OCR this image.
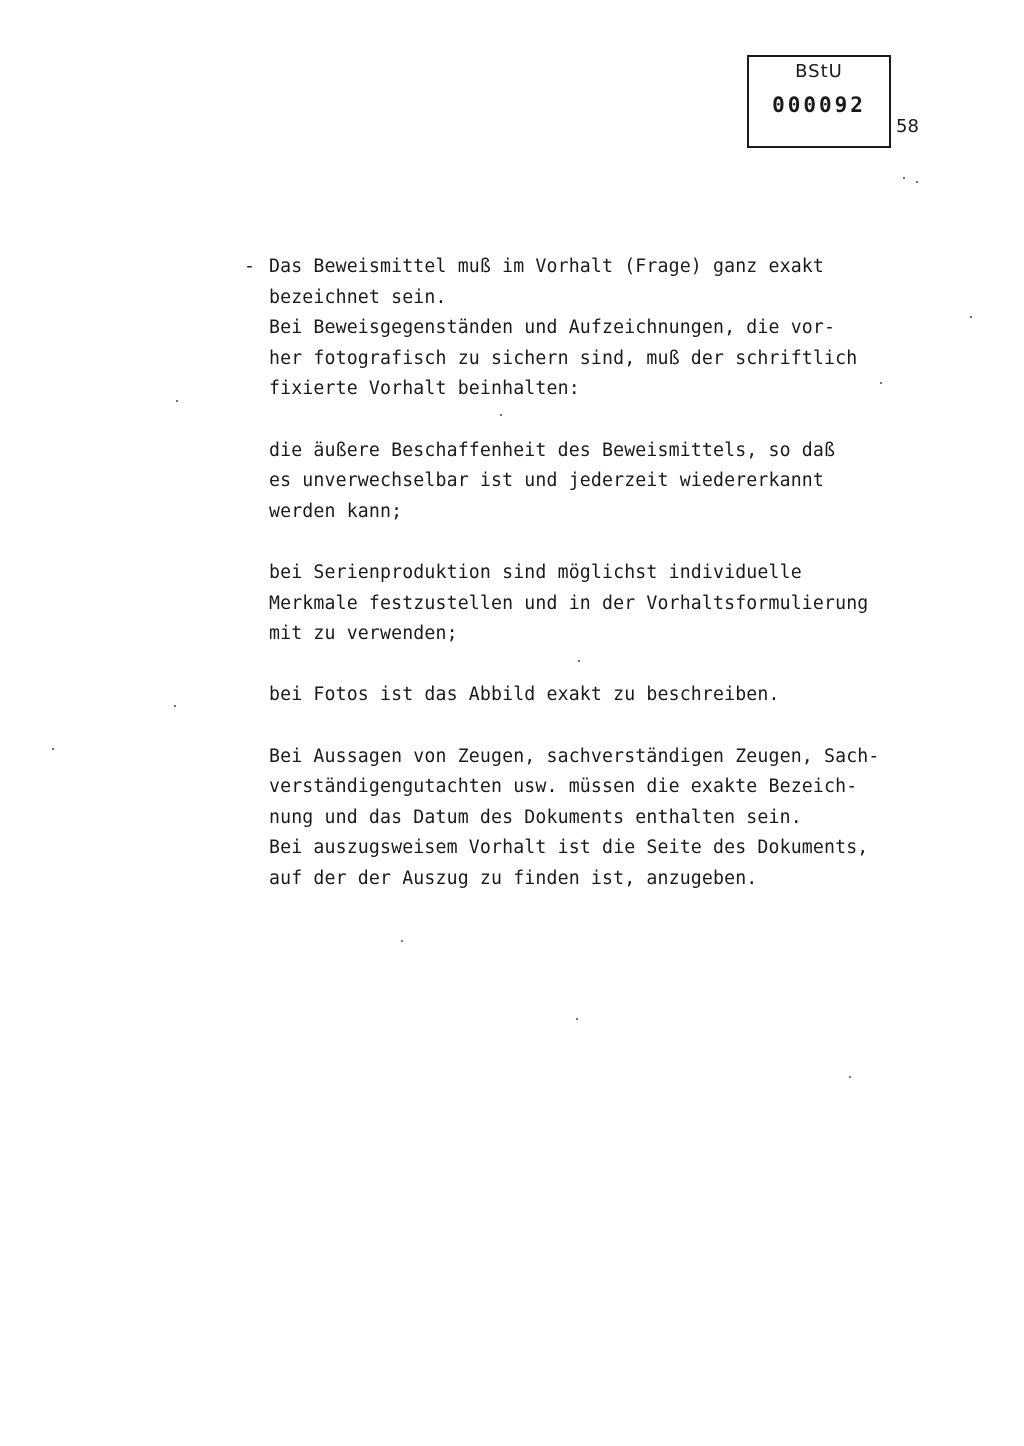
BStU
000092
58
- Das Beweismittel muß im Vorhalt (Frage) ganz exakt
bezeichnet sein.
Bei Beweisgegenständen und Aufzeichnungen, die vor-
her fotografisch zu sichern sind, muß der schriftlich
fixierte Vorhalt beinhalten:
die äußere Beschaffenheit des Beweismittels, so daß
es unverwechselbar ist und jederzeit wiedererkannt
werden kann;
bei Serienproduktion sind möglichst individuelle
Merkmale festzustellen und in der Vorhaltsformulierung
mit zu verwenden;
bei Fotos ist das Abbild exakt zu beschreiben.
Bei Aussagen von Zeugen, sachverständigen Zeugen, Sach-
verständigengutachten usw. müssen die exakte Bezeich-
nung und das Datum des Dokuments enthalten sein.
Bei auszugsweisem Vorhalt ist die Seite des Dokuments,
auf der der Auszug zu finden ist, anzugeben.
